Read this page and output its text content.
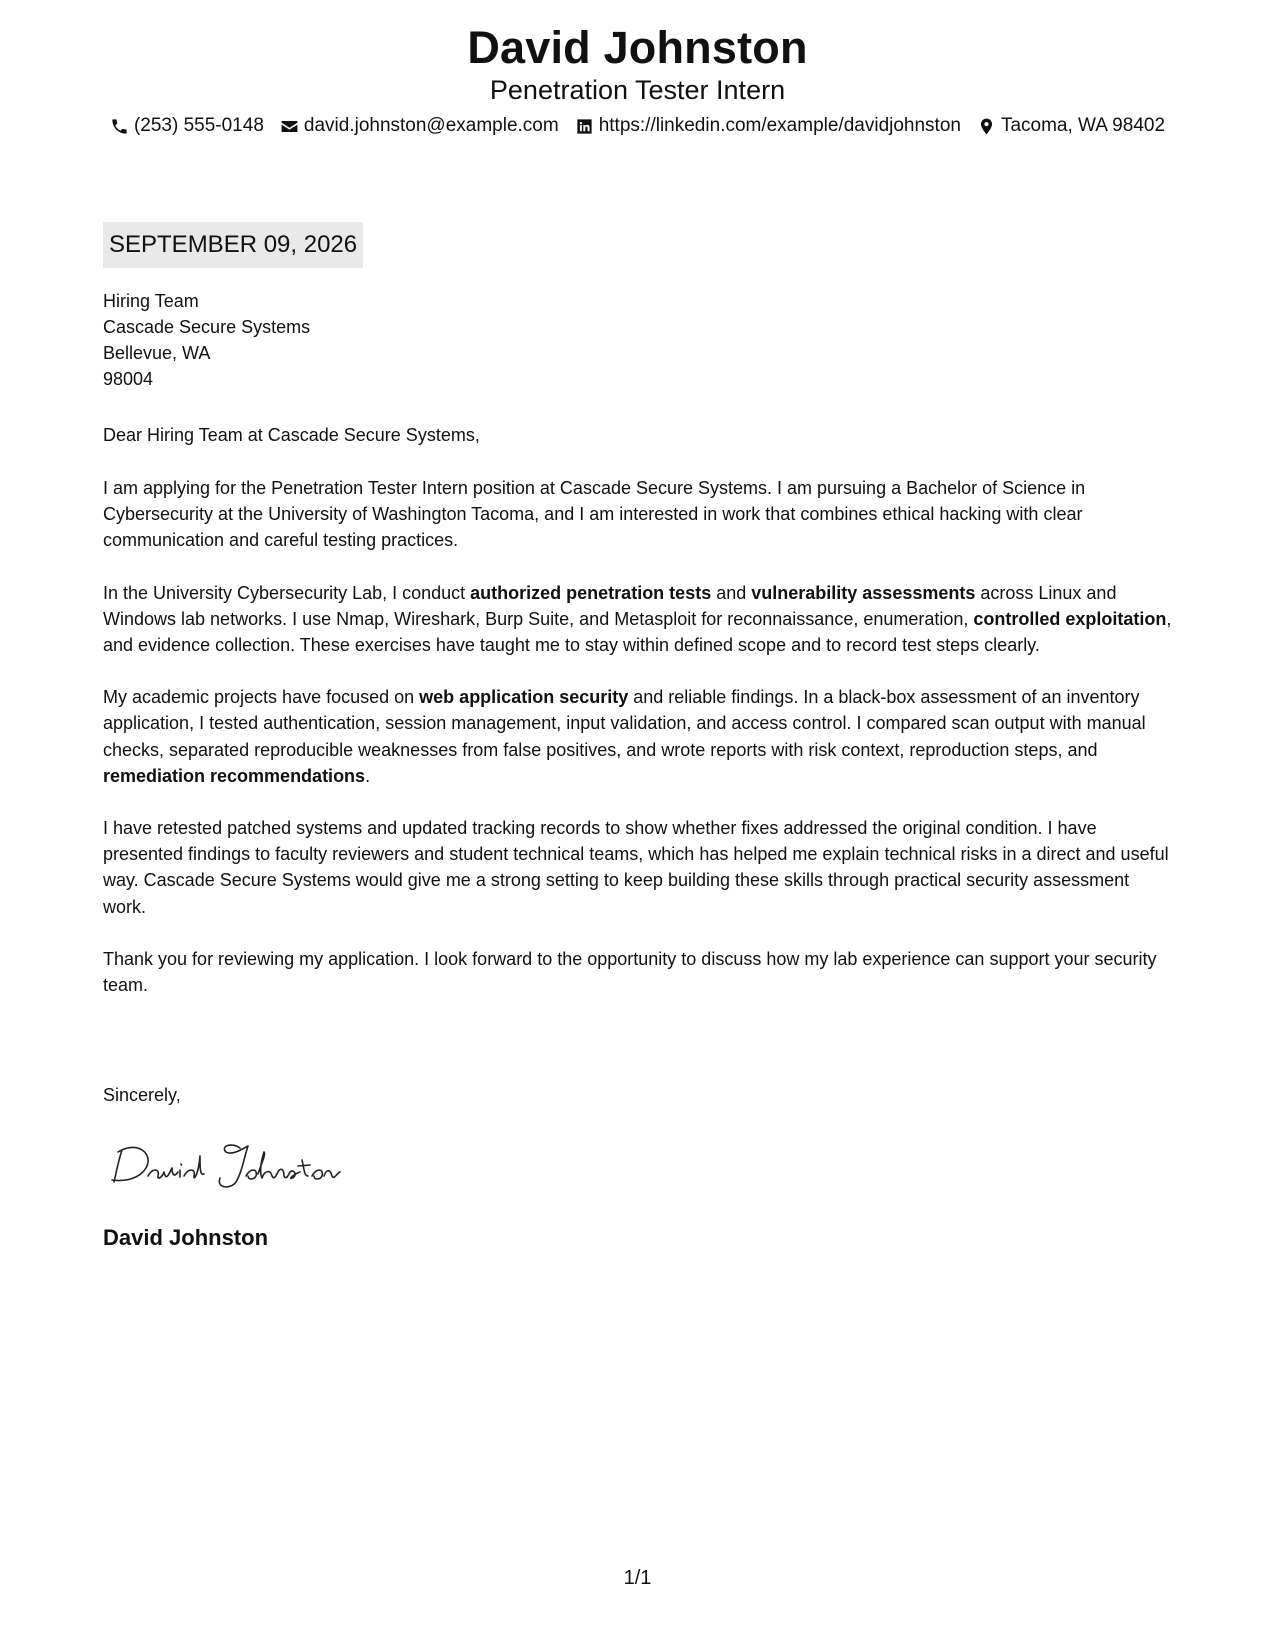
David Johnston
Penetration Tester Intern
(253) 555-0148 david.johnston@example.com https://linkedin.com/example/davidjohnston Tacoma, WA 98402
SEPTEMBER 09, 2026
Hiring Team
Cascade Secure Systems
Bellevue, WA
98004
Dear Hiring Team at Cascade Secure Systems,

I am applying for the Penetration Tester Intern position at Cascade Secure Systems. I am pursuing a Bachelor of Science in Cybersecurity at the University of Washington Tacoma, and I am interested in work that combines ethical hacking with clear communication and careful testing practices.

In the University Cybersecurity Lab, I conduct authorized penetration tests and vulnerability assessments across Linux and Windows lab networks. I use Nmap, Wireshark, Burp Suite, and Metasploit for reconnaissance, enumeration, controlled exploitation, and evidence collection. These exercises have taught me to stay within defined scope and to record test steps clearly.

My academic projects have focused on web application security and reliable findings. In a black-box assessment of an inventory application, I tested authentication, session management, input validation, and access control. I compared scan output with manual checks, separated reproducible weaknesses from false positives, and wrote reports with risk context, reproduction steps, and remediation recommendations.

I have retested patched systems and updated tracking records to show whether fixes addressed the original condition. I have presented findings to faculty reviewers and student technical teams, which has helped me explain technical risks in a direct and useful way. Cascade Secure Systems would give me a strong setting to keep building these skills through practical security assessment work.

Thank you for reviewing my application. I look forward to the opportunity to discuss how my lab experience can support your security team.

Sincerely,
David Johnston
1/1
